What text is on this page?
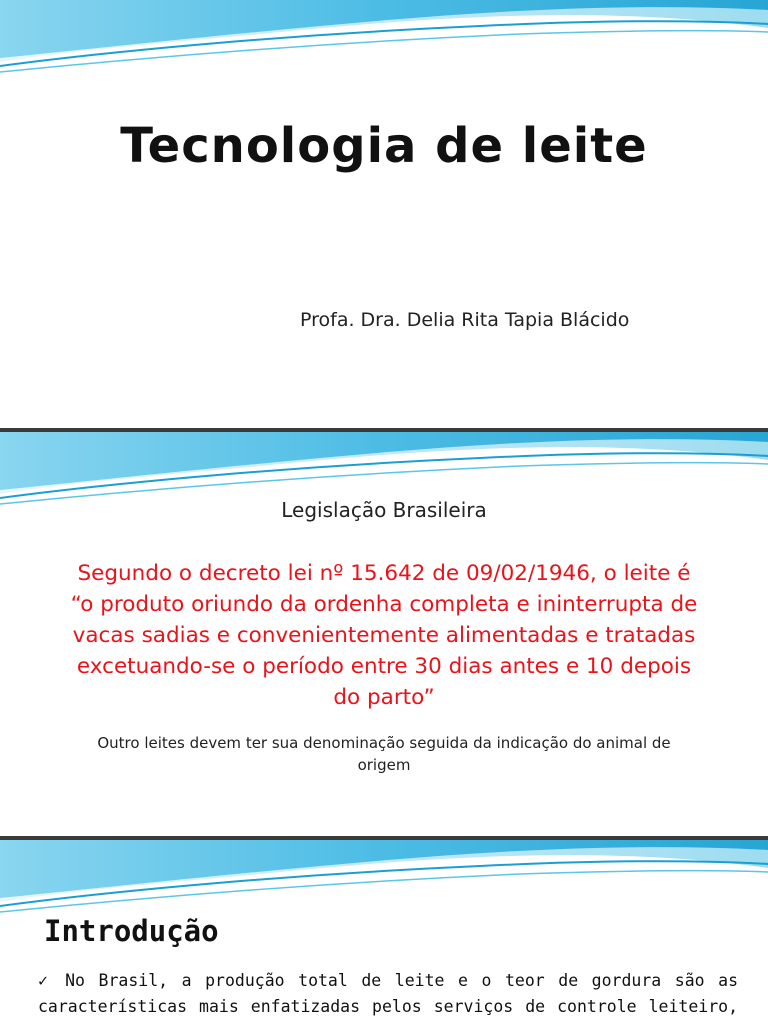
Tecnologia de leite
Profa. Dra. Delia Rita Tapia Blácido
Legislação Brasileira

Segundo o decreto lei nº 15.642 de 09/02/1946, o leite é
“o produto oriundo da ordenha completa e ininterrupta de
vacas sadias e convenientemente alimentadas e tratadas
excetuando-se o período entre 30 dias antes e 10 depois
do parto”

Outro leites devem ter sua denominação seguida da indicação do animal de
origem

Introdução

✓ No Brasil, a produção total de leite e o teor de gordura são as
características mais enfatizadas pelos serviços de controle leiteiro,
